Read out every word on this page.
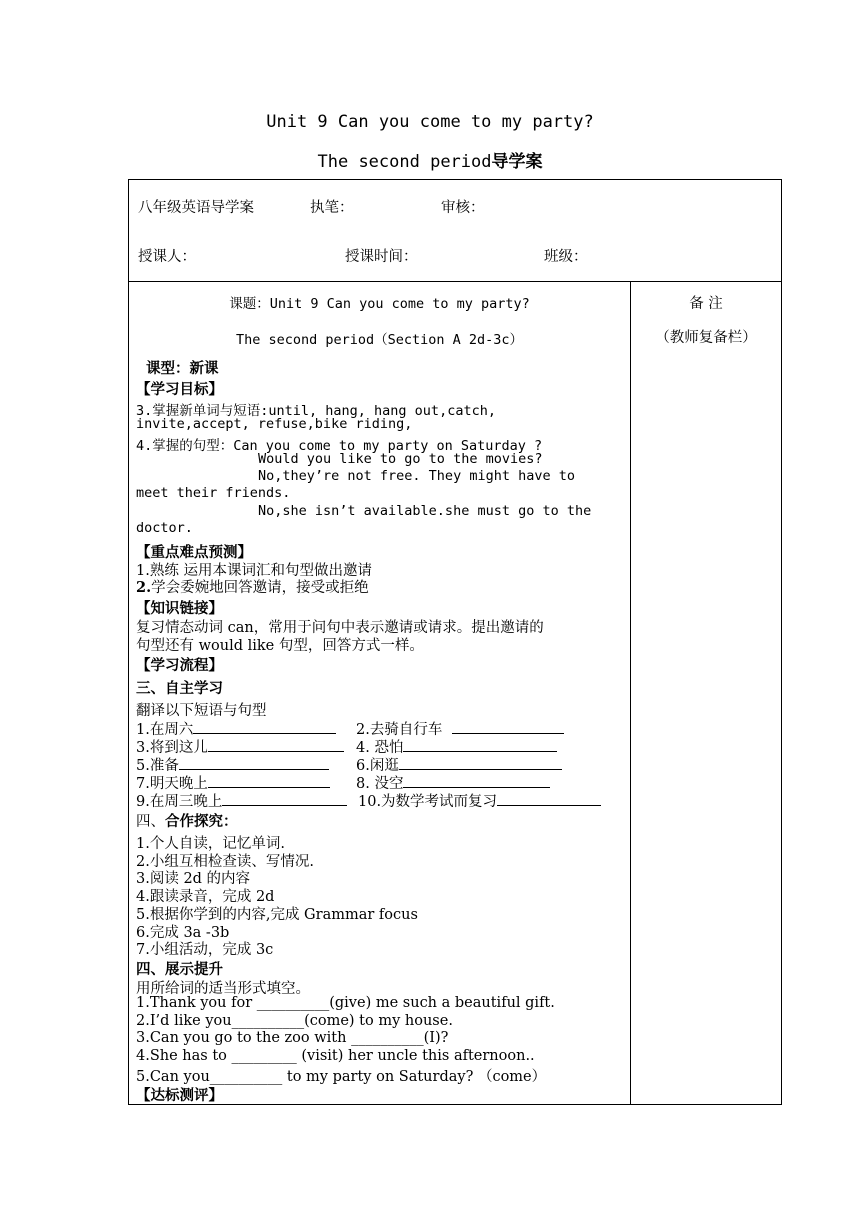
Unit 9 Can you come to my party?
The second period导学案
八年级英语导学案	执笔：	审核：
授课人：	授课时间：	班级：
备 注
（教师复备栏）
课题：Unit 9 Can you come to my party?
The second period（Section A 2d-3c）
课型：新课
【学习目标】
3.掌握新单词与短语:until, hang, hang out,catch,
invite,accept, refuse,bike riding,
4.掌握的句型：Can you come to my party on Saturday ?
Would you like to go to the movies?
No,they’re not free. They might have to
meet their friends.
No,she isn’t available.she must go to the
doctor.
【重点难点预测】
1.熟练 运用本课词汇和句型做出邀请
2.学会委婉地回答邀请，接受或拒绝
【知识链接】
复习情态动词 can，常用于问句中表示邀请或请求。提出邀请的
句型还有 would like 句型，回答方式一样。
【学习流程】
三、自主学习
翻译以下短语与句型
1.在周六	2.去骑自行车
3.将到这儿	4. 恐怕
5.准备	6.闲逛
7.明天晚上	8. 没空
9.在周三晚上	10.为数学考试而复习
四、合作探究：
1.个人自读，记忆单词.
2.小组互相检查读、写情况.
3.阅读 2d 的内容
4.跟读录音，完成 2d
5.根据你学到的内容,完成 Grammar focus
6.完成 3a -3b
7.小组活动，完成 3c
四、展示提升
用所给词的适当形式填空。
1.Thank you for __________(give) me such a beautiful gift.
2.I’d like you__________(come) to my house.
3.Can you go to the zoo with __________(I)?
4.She has to _________ (visit) her uncle this afternoon..
5.Can you__________ to my party on Saturday? （come）
【达标测评】
